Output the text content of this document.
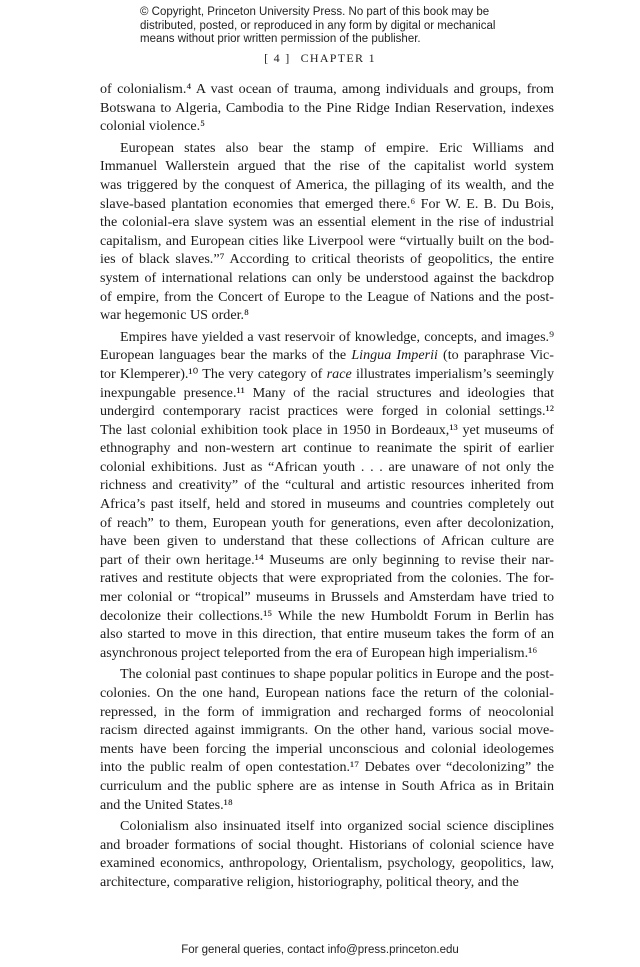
© Copyright, Princeton University Press. No part of this book may be
distributed, posted, or reproduced in any form by digital or mechanical
means without prior written permission of the publisher.
[ 4 ] CHAPTER 1
of colonialism.⁴ A vast ocean of trauma, among individuals and groups, from
Botswana to Algeria, Cambodia to the Pine Ridge Indian Reservation, indexes
colonial violence.⁵
European states also bear the stamp of empire. Eric Williams and
Immanuel Wallerstein argued that the rise of the capitalist world system
was triggered by the conquest of America, the pillaging of its wealth, and the
slave-based plantation economies that emerged there.⁶ For W. E. B. Du Bois,
the colonial-era slave system was an essential element in the rise of industrial
capitalism, and European cities like Liverpool were “virtually built on the bod-
ies of black slaves.”⁷ According to critical theorists of geopolitics, the entire
system of international relations can only be understood against the backdrop
of empire, from the Concert of Europe to the League of Nations and the post-
war hegemonic US order.⁸
Empires have yielded a vast reservoir of knowledge, concepts, and images.⁹
European languages bear the marks of the Lingua Imperii (to paraphrase Vic-
tor Klemperer).¹⁰ The very category of race illustrates imperialism’s seemingly
inexpungable presence.¹¹ Many of the racial structures and ideologies that
undergird contemporary racist practices were forged in colonial settings.¹²
The last colonial exhibition took place in 1950 in Bordeaux,¹³ yet museums of
ethnography and non-western art continue to reanimate the spirit of earlier
colonial exhibitions. Just as “African youth . . . are unaware of not only the
richness and creativity” of the “cultural and artistic resources inherited from
Africa’s past itself, held and stored in museums and countries completely out
of reach” to them, European youth for generations, even after decolonization,
have been given to understand that these collections of African culture are
part of their own heritage.¹⁴ Museums are only beginning to revise their nar-
ratives and restitute objects that were expropriated from the colonies. The for-
mer colonial or “tropical” museums in Brussels and Amsterdam have tried to
decolonize their collections.¹⁵ While the new Humboldt Forum in Berlin has
also started to move in this direction, that entire museum takes the form of an
asynchronous project teleported from the era of European high imperialism.¹⁶
The colonial past continues to shape popular politics in Europe and the post-
colonies. On the one hand, European nations face the return of the colonial-
repressed, in the form of immigration and recharged forms of neocolonial
racism directed against immigrants. On the other hand, various social move-
ments have been forcing the imperial unconscious and colonial ideologemes
into the public realm of open contestation.¹⁷ Debates over “decolonizing” the
curriculum and the public sphere are as intense in South Africa as in Britain
and the United States.¹⁸
Colonialism also insinuated itself into organized social science disciplines
and broader formations of social thought. Historians of colonial science have
examined economics, anthropology, Orientalism, psychology, geopolitics, law,
architecture, comparative religion, historiography, political theory, and the
For general queries, contact info@press.princeton.edu
